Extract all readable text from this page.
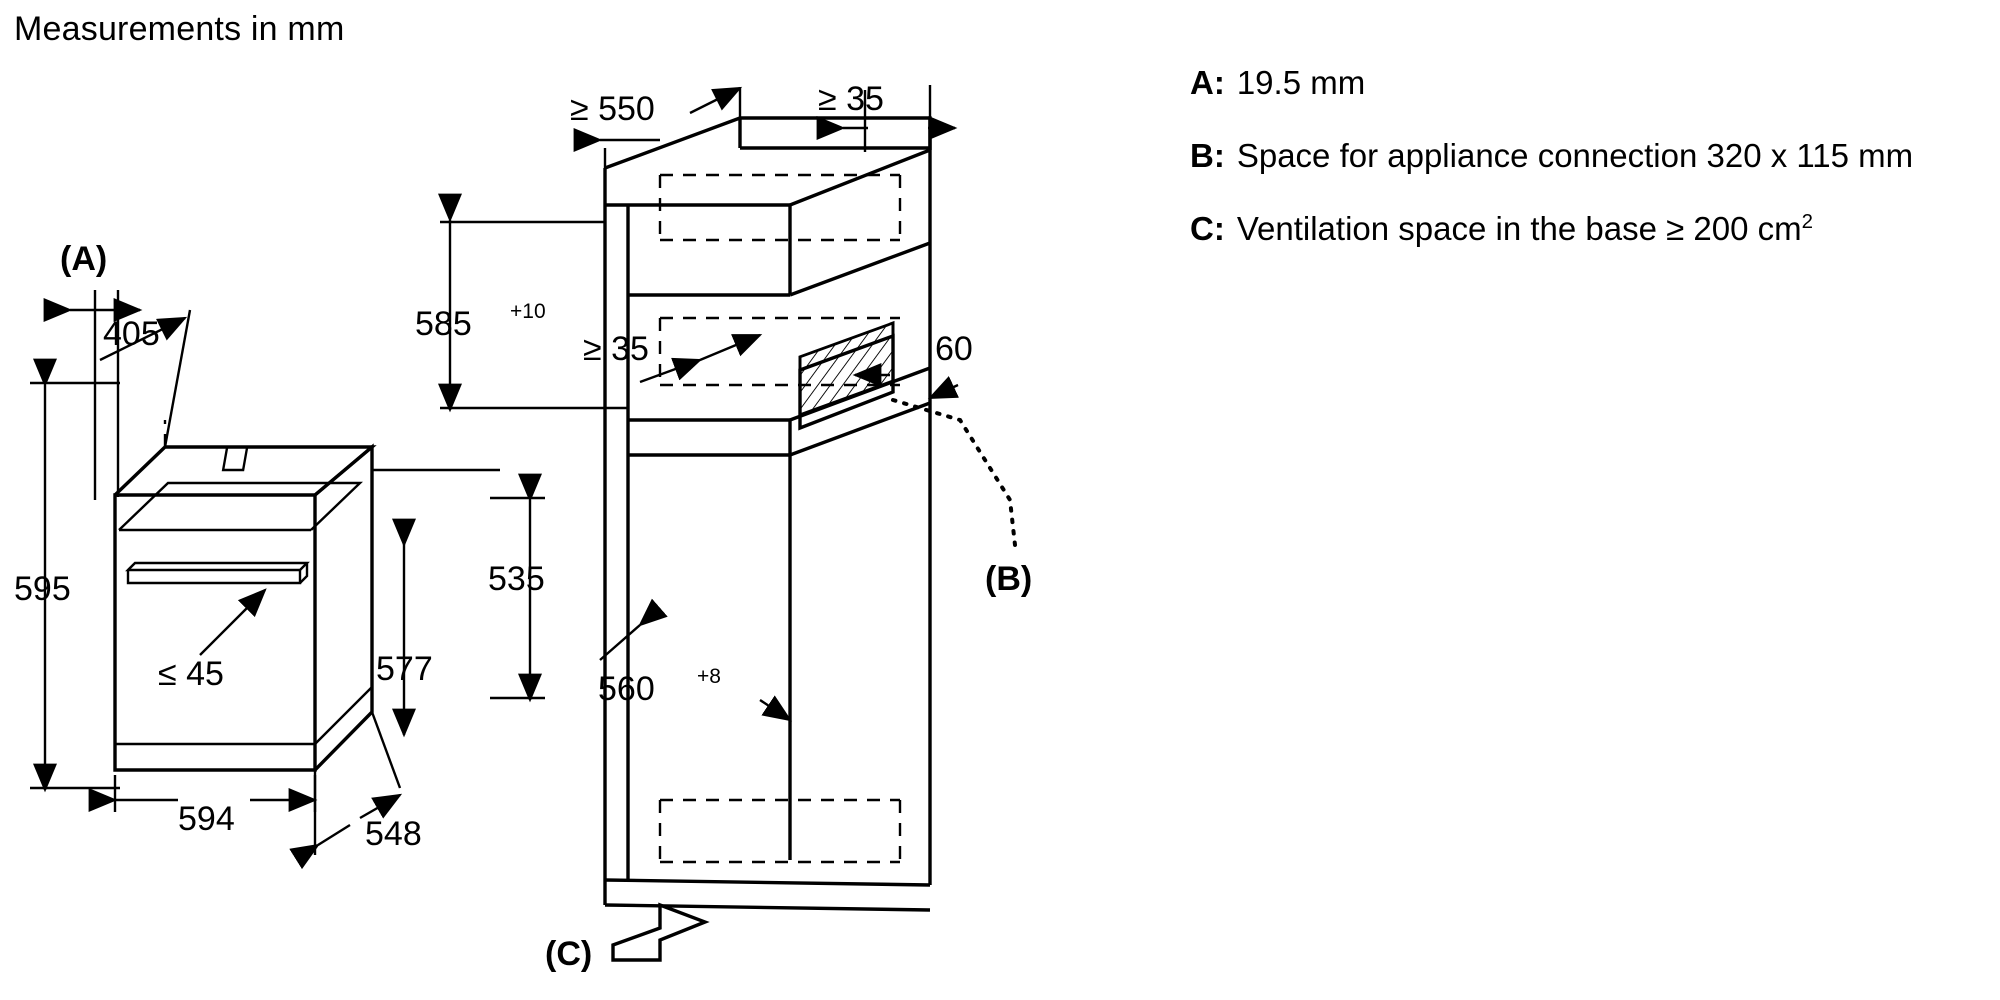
Measurements in mm
(A)
405
595
≤ 45	577
535
594	548
(B)
≥ 550	≥ 35
585 +10
≥ 35	60
560 +8
(C)
A: 19.5 mm
B: Space for appliance connection 320 x 115 mm
C: Ventilation space in the base ≥ 200 $cm^2$
